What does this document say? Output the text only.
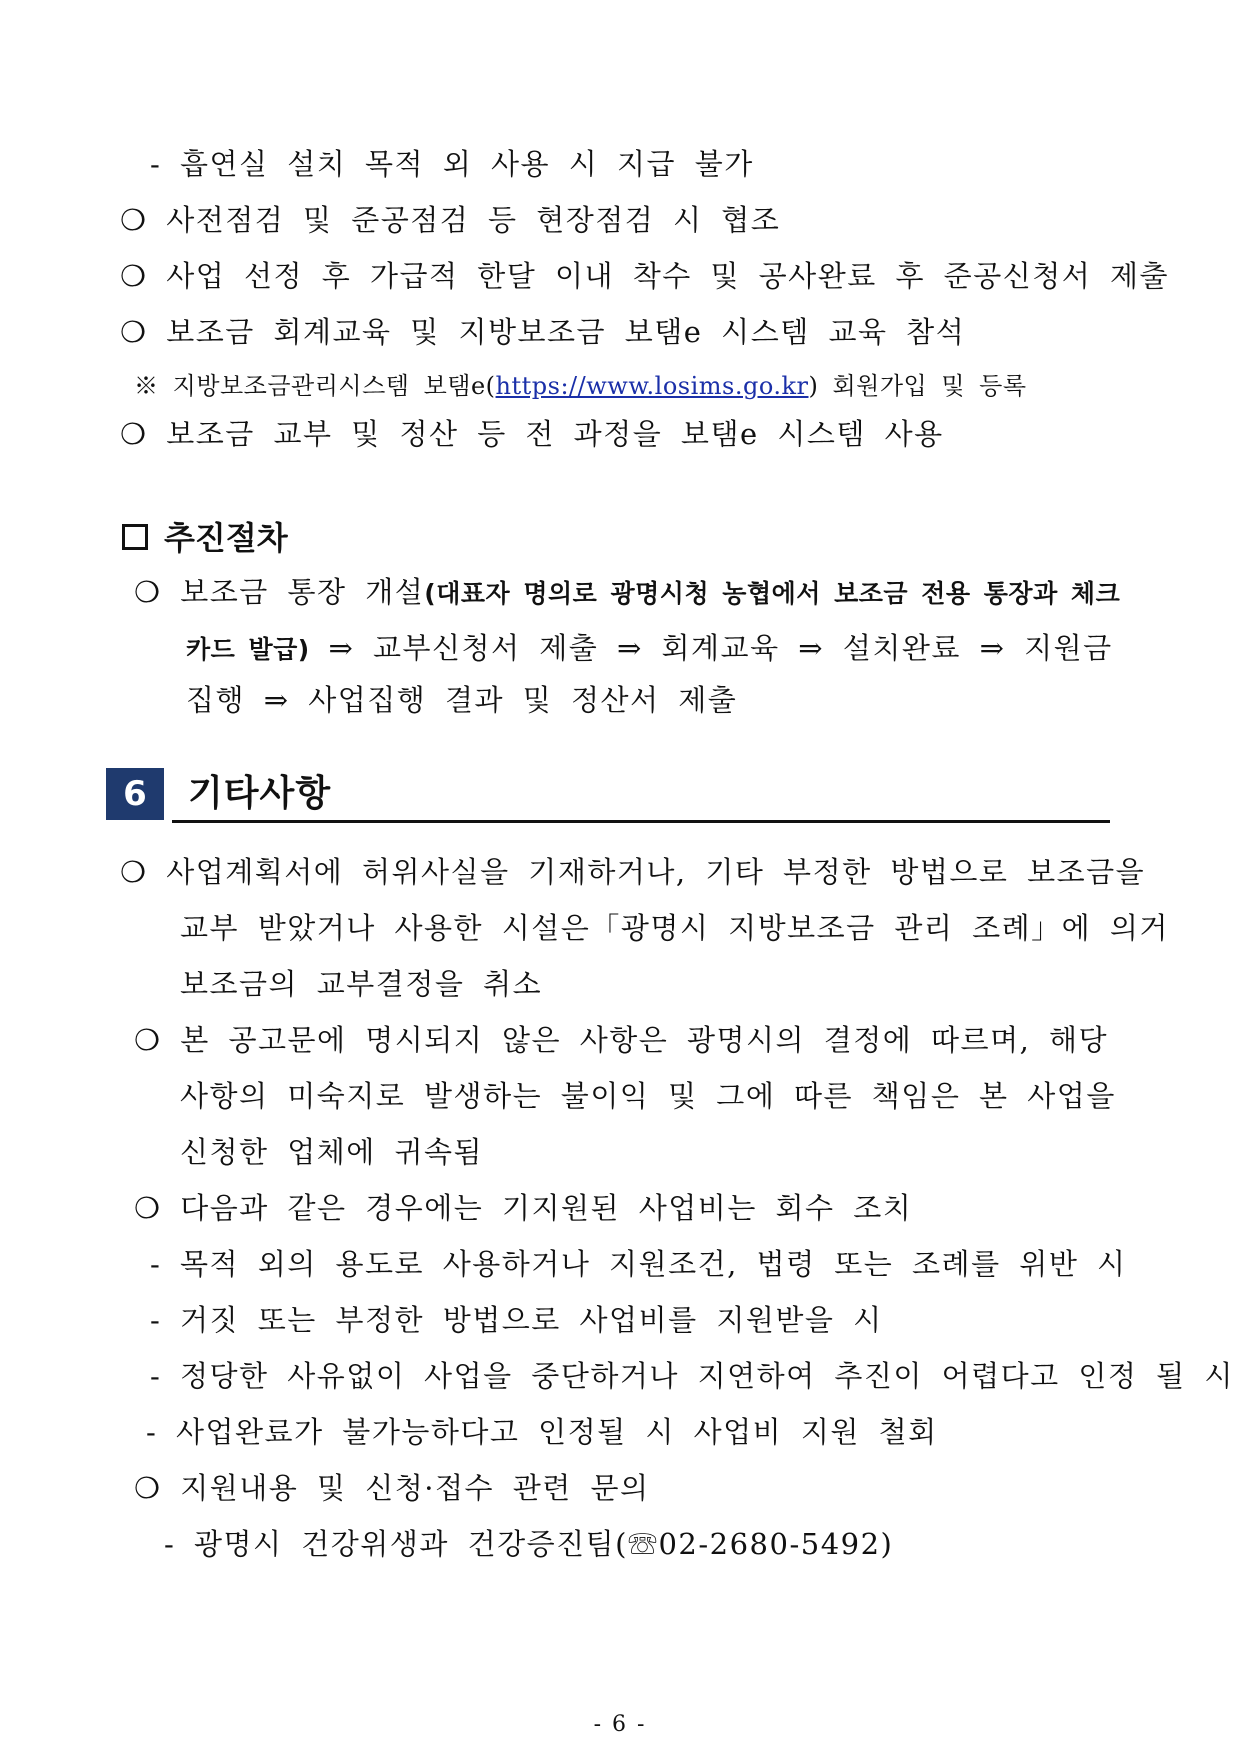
- 흡연실 설치 목적 외 사용 시 지급 불가
❍ 사전점검 및 준공점검 등 현장점검 시 협조
❍ 사업 선정 후 가급적 한달 이내 착수 및 공사완료 후 준공신청서 제출
❍ 보조금 회계교육 및 지방보조금 보탬e 시스템 교육 참석
※ 지방보조금관리시스템 보탬e(https://www.losims.go.kr) 회원가입 및 등록
❍ 보조금 교부 및 정산 등 전 과정을 보탬e 시스템 사용
추진절차
❍ 보조금 통장 개설(대표자 명의로 광명시청 농협에서 보조금 전용 통장과 체크
카드 발급) ⇒ 교부신청서 제출 ⇒ 회계교육 ⇒ 설치완료 ⇒ 지원금
집행 ⇒ 사업집행 결과 및 정산서 제출
6	기타사항
❍ 사업계획서에 허위사실을 기재하거나, 기타 부정한 방법으로 보조금을
교부 받았거나 사용한 시설은「광명시 지방보조금 관리 조례」에 의거
보조금의 교부결정을 취소
❍ 본 공고문에 명시되지 않은 사항은 광명시의 결정에 따르며, 해당
사항의 미숙지로 발생하는 불이익 및 그에 따른 책임은 본 사업을
신청한 업체에 귀속됨
❍ 다음과 같은 경우에는 기지원된 사업비는 회수 조치
- 목적 외의 용도로 사용하거나 지원조건, 법령 또는 조례를 위반 시
- 거짓 또는 부정한 방법으로 사업비를 지원받을 시
- 정당한 사유없이 사업을 중단하거나 지연하여 추진이 어렵다고 인정 될 시
- 사업완료가 불가능하다고 인정될 시 사업비 지원 철회
❍ 지원내용 및 신청·접수 관련 문의
- 광명시 건강위생과 건강증진팀(☏02-2680-5492)
- 6 -
